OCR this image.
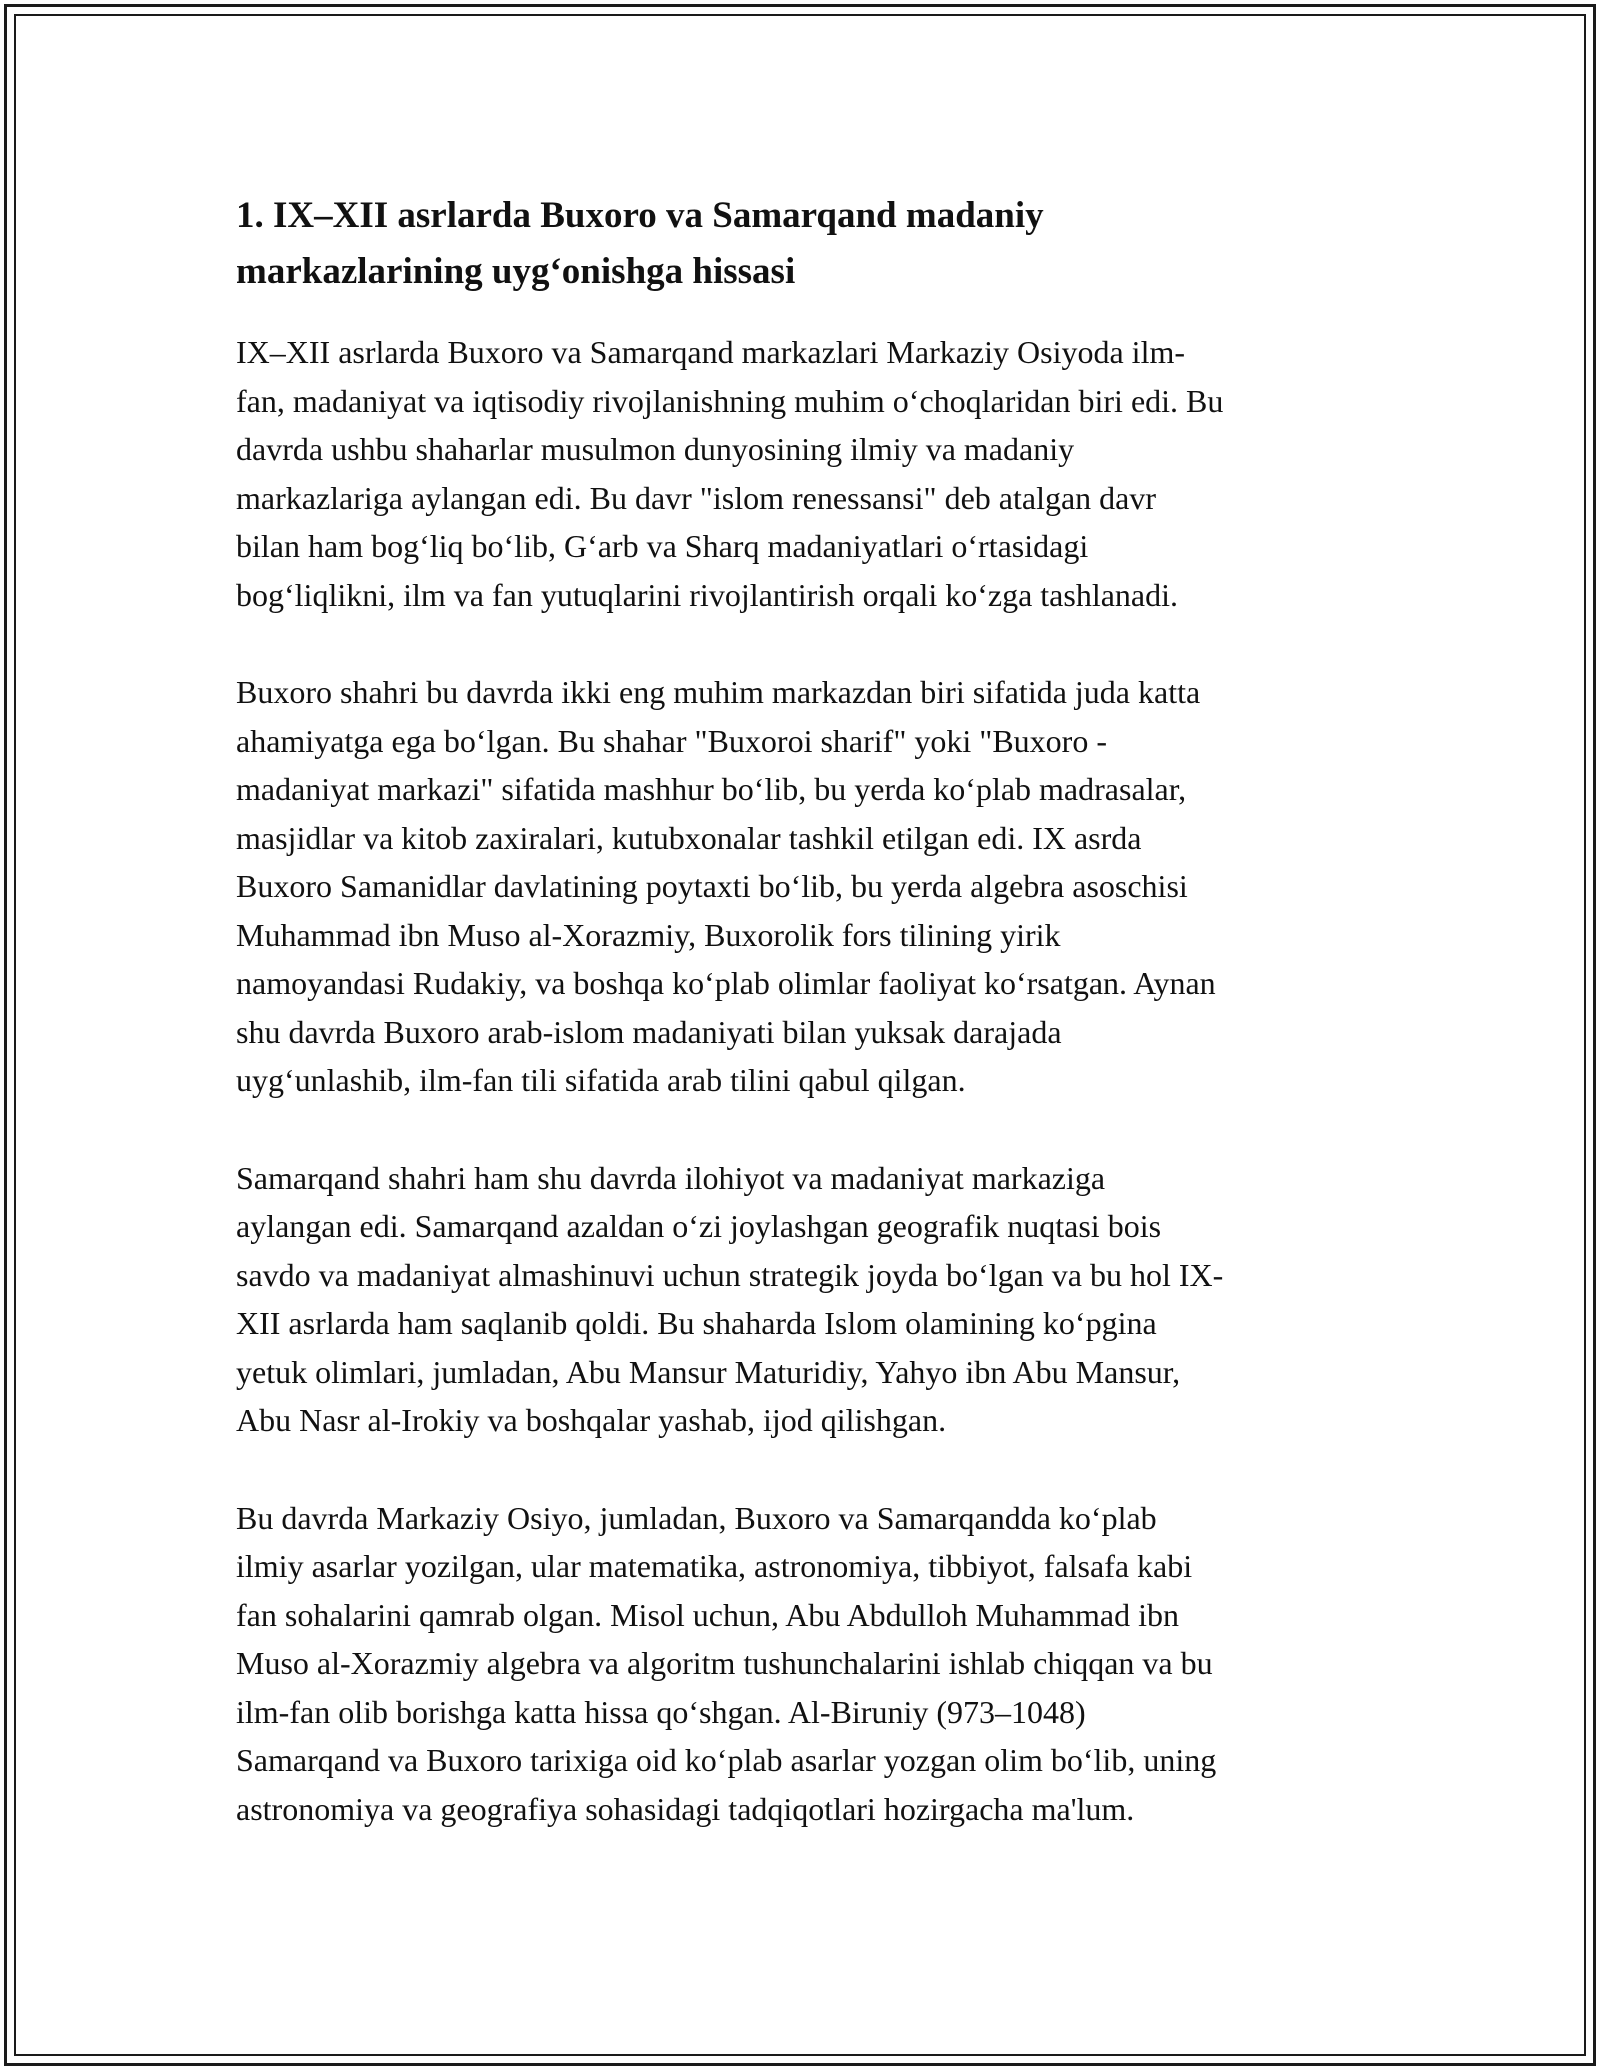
1. IX–XII asrlarda Buxoro va Samarqand madaniy
markazlarining uyg‘onishga hissasi

IX–XII asrlarda Buxoro va Samarqand markazlari Markaziy Osiyoda ilm-
fan, madaniyat va iqtisodiy rivojlanishning muhim o‘choqlaridan biri edi. Bu
davrda ushbu shaharlar musulmon dunyosining ilmiy va madaniy
markazlariga aylangan edi. Bu davr "islom renessansi" deb atalgan davr
bilan ham bog‘liq bo‘lib, G‘arb va Sharq madaniyatlari o‘rtasidagi
bog‘liqlikni, ilm va fan yutuqlarini rivojlantirish orqali ko‘zga tashlanadi.

Buxoro shahri bu davrda ikki eng muhim markazdan biri sifatida juda katta
ahamiyatga ega bo‘lgan. Bu shahar "Buxoroi sharif" yoki "Buxoro -
madaniyat markazi" sifatida mashhur bo‘lib, bu yerda ko‘plab madrasalar,
masjidlar va kitob zaxiralari, kutubxonalar tashkil etilgan edi. IX asrda
Buxoro Samanidlar davlatining poytaxti bo‘lib, bu yerda algebra asoschisi
Muhammad ibn Muso al-Xorazmiy, Buxorolik fors tilining yirik
namoyandasi Rudakiy, va boshqa ko‘plab olimlar faoliyat ko‘rsatgan. Aynan
shu davrda Buxoro arab-islom madaniyati bilan yuksak darajada
uyg‘unlashib, ilm-fan tili sifatida arab tilini qabul qilgan.

Samarqand shahri ham shu davrda ilohiyot va madaniyat markaziga
aylangan edi. Samarqand azaldan o‘zi joylashgan geografik nuqtasi bois
savdo va madaniyat almashinuvi uchun strategik joyda bo‘lgan va bu hol IX-
XII asrlarda ham saqlanib qoldi. Bu shaharda Islom olamining ko‘pgina
yetuk olimlari, jumladan, Abu Mansur Maturidiy, Yahyo ibn Abu Mansur,
Abu Nasr al-Irokiy va boshqalar yashab, ijod qilishgan.

Bu davrda Markaziy Osiyo, jumladan, Buxoro va Samarqandda ko‘plab
ilmiy asarlar yozilgan, ular matematika, astronomiya, tibbiyot, falsafa kabi
fan sohalarini qamrab olgan. Misol uchun, Abu Abdulloh Muhammad ibn
Muso al-Xorazmiy algebra va algoritm tushunchalarini ishlab chiqqan va bu
ilm-fan olib borishga katta hissa qo‘shgan. Al-Biruniy (973–1048)
Samarqand va Buxoro tarixiga oid ko‘plab asarlar yozgan olim bo‘lib, uning
astronomiya va geografiya sohasidagi tadqiqotlari hozirgacha ma'lum.
